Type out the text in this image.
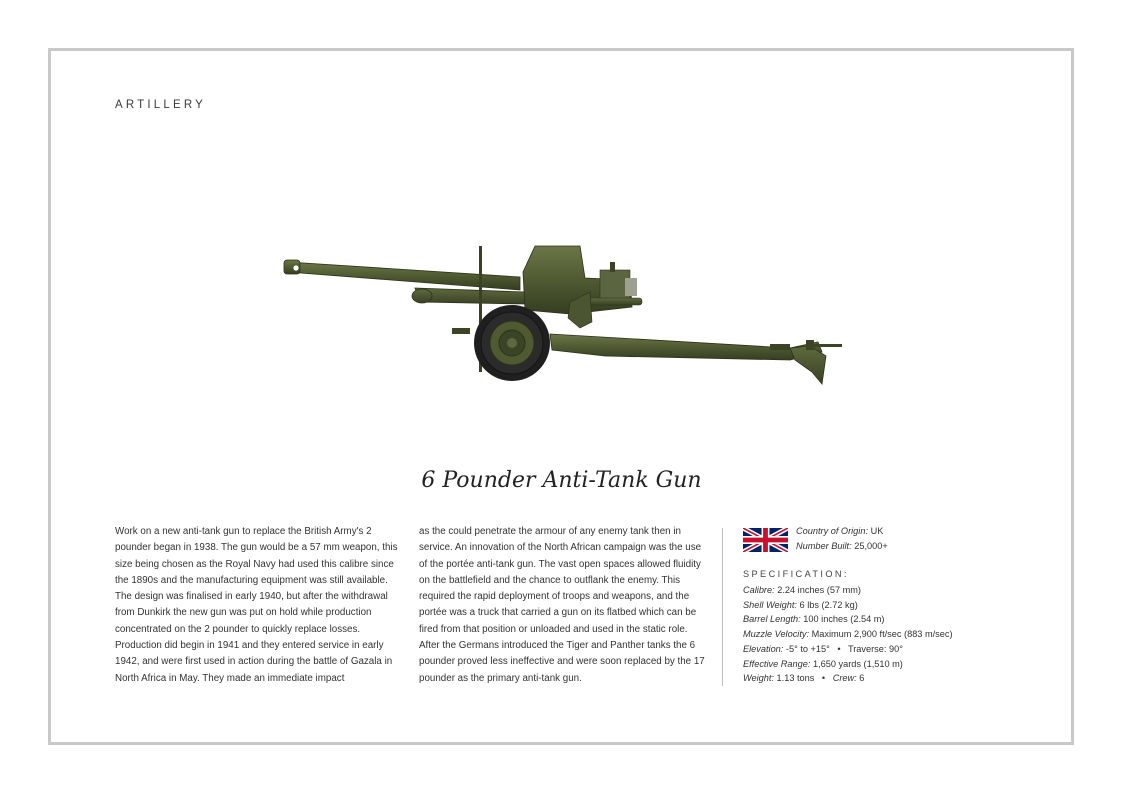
ARTILLERY
6 Pounder Anti-Tank Gun
Work on a new anti-tank gun to replace the British Army's 2 pounder began in 1938. The gun would be a 57 mm weapon, this size being chosen as the Royal Navy had used this calibre since the 1890s and the manufacturing equipment was still available. The design was finalised in early 1940, but after the withdrawal from Dunkirk the new gun was put on hold while production concentrated on the 2 pounder to quickly replace losses. Production did begin in 1941 and they entered service in early 1942, and were first used in action during the battle of Gazala in North Africa in May. They made an immediate impact
as the could penetrate the armour of any enemy tank then in service. An innovation of the North African campaign was the use of the portée anti-tank gun. The vast open spaces allowed fluidity on the battlefield and the chance to outflank the enemy. This required the rapid deployment of troops and weapons, and the portée was a truck that carried a gun on its flatbed which can be fired from that position or unloaded and used in the static role. After the Germans introduced the Tiger and Panther tanks the 6 pounder proved less ineffective and were soon replaced by the 17 pounder as the primary anti-tank gun.
Country of Origin: UK
Number Built: 25,000+
SPECIFICATION:
Calibre: 2.24 inches (57 mm)
Shell Weight: 6 lbs (2.72 kg)
Barrel Length: 100 inches (2.54 m)
Muzzle Velocity: Maximum 2,900 ft/sec (883 m/sec)
Elevation: -5° to +15° • Traverse: 90°
Effective Range: 1,650 yards (1,510 m)
Weight: 1.13 tons • Crew: 6
